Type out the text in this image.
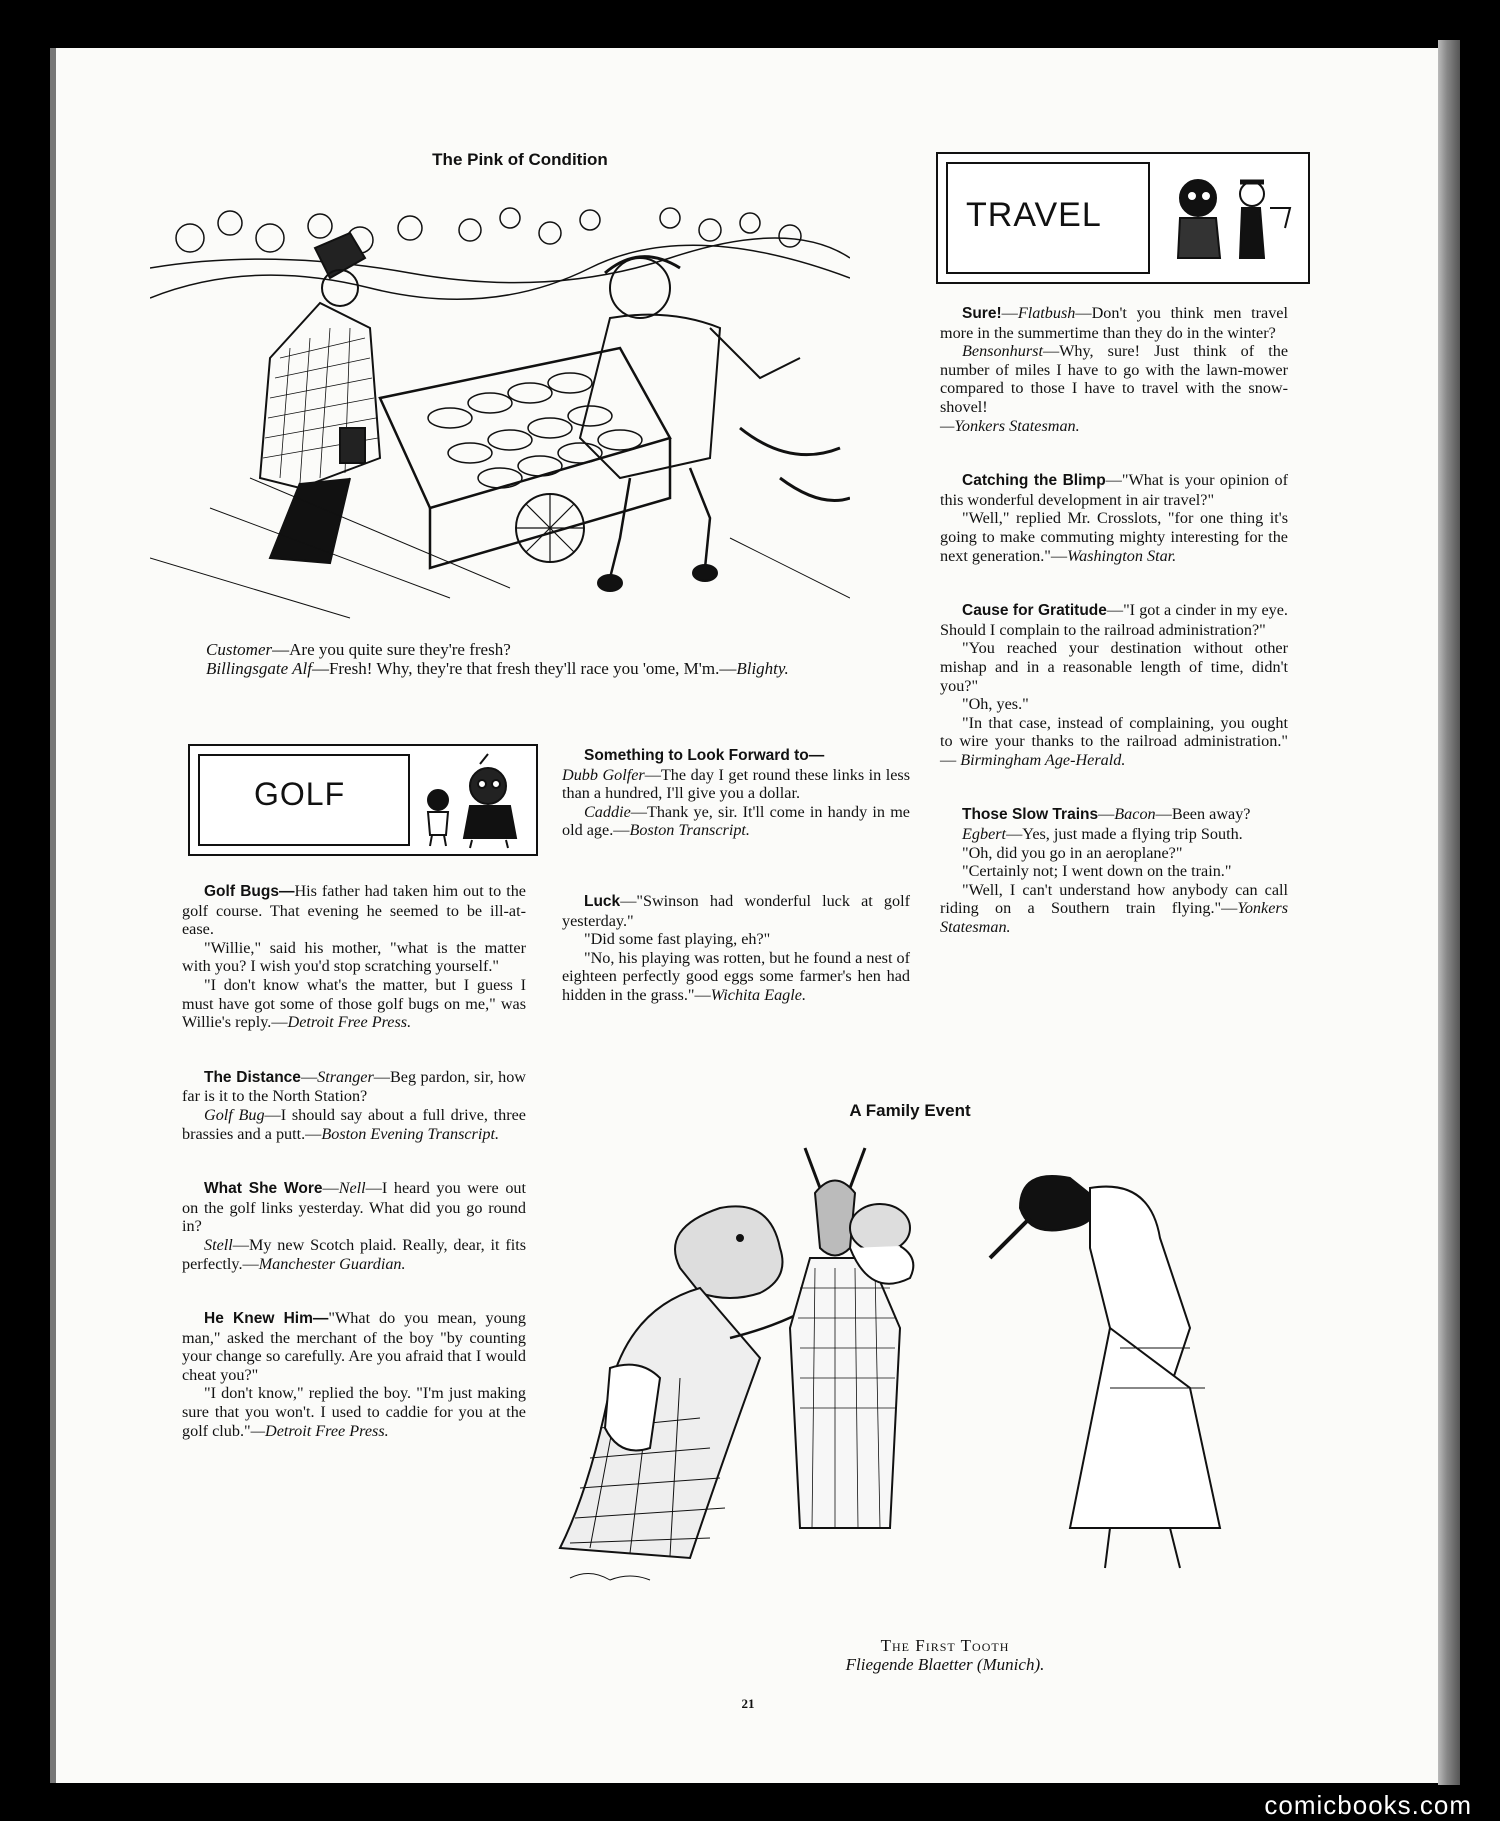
The Pink of Condition
Customer—Are you quite sure they're fresh?
Billingsgate Alf—Fresh! Why, they're that fresh they'll race you 'ome, M'm.—Blighty.
TRAVEL
GOLF

Golf Bugs—His father had taken him out to the golf course. That evening he seemed to be ill-at-ease.

"Willie," said his mother, "what is the matter with you? I wish you'd stop scratching yourself."

"I don't know what's the matter, but I guess I must have got some of those golf bugs on me," was Willie's reply.—Detroit Free Press.

The Distance—Stranger—Beg pardon, sir, how far is it to the North Station?

Golf Bug—I should say about a full drive, three brassies and a putt.—Boston Evening Transcript.

What She Wore—Nell—I heard you were out on the golf links yesterday. What did you go round in?

Stell—My new Scotch plaid. Really, dear, it fits perfectly.—Manchester Guardian.

He Knew Him—"What do you mean, young man," asked the merchant of the boy "by counting your change so carefully. Are you afraid that I would cheat you?"

"I don't know," replied the boy. "I'm just making sure that you won't. I used to caddie for you at the golf club."—Detroit Free Press.

Something to Look Forward to—

Dubb Golfer—The day I get round these links in less than a hundred, I'll give you a dollar.

Caddie—Thank ye, sir. It'll come in handy in me old age.—Boston Transcript.

Luck—"Swinson had wonderful luck at golf yesterday."

"Did some fast playing, eh?"

"No, his playing was rotten, but he found a nest of eighteen perfectly good eggs some farmer's hen had hidden in the grass."—Wichita Eagle.

Sure!—Flatbush—Don't you think men travel more in the summertime than they do in the winter?

Bensonhurst—Why, sure! Just think of the number of miles I have to go with the lawn-mower compared to those I have to travel with the snow-shovel!

—Yonkers Statesman.

Catching the Blimp—"What is your opinion of this wonderful development in air travel?"

"Well," replied Mr. Crosslots, "for one thing it's going to make commuting mighty interesting for the next generation."—Washington Star.

Cause for Gratitude—"I got a cinder in my eye. Should I complain to the railroad administration?"

"You reached your destination without other mishap and in a reasonable length of time, didn't you?"

"Oh, yes."

"In that case, instead of complaining, you ought to wire your thanks to the railroad administration." — Birmingham Age-Herald.

Those Slow Trains—Bacon—Been away?

Egbert—Yes, just made a flying trip South.

"Oh, did you go in an aeroplane?"

"Certainly not; I went down on the train."

"Well, I can't understand how anybody can call riding on a Southern train flying."—Yonkers Statesman.

A Family Event
The First Tooth
Fliegende Blaetter (Munich).
21
comicbooks.com
